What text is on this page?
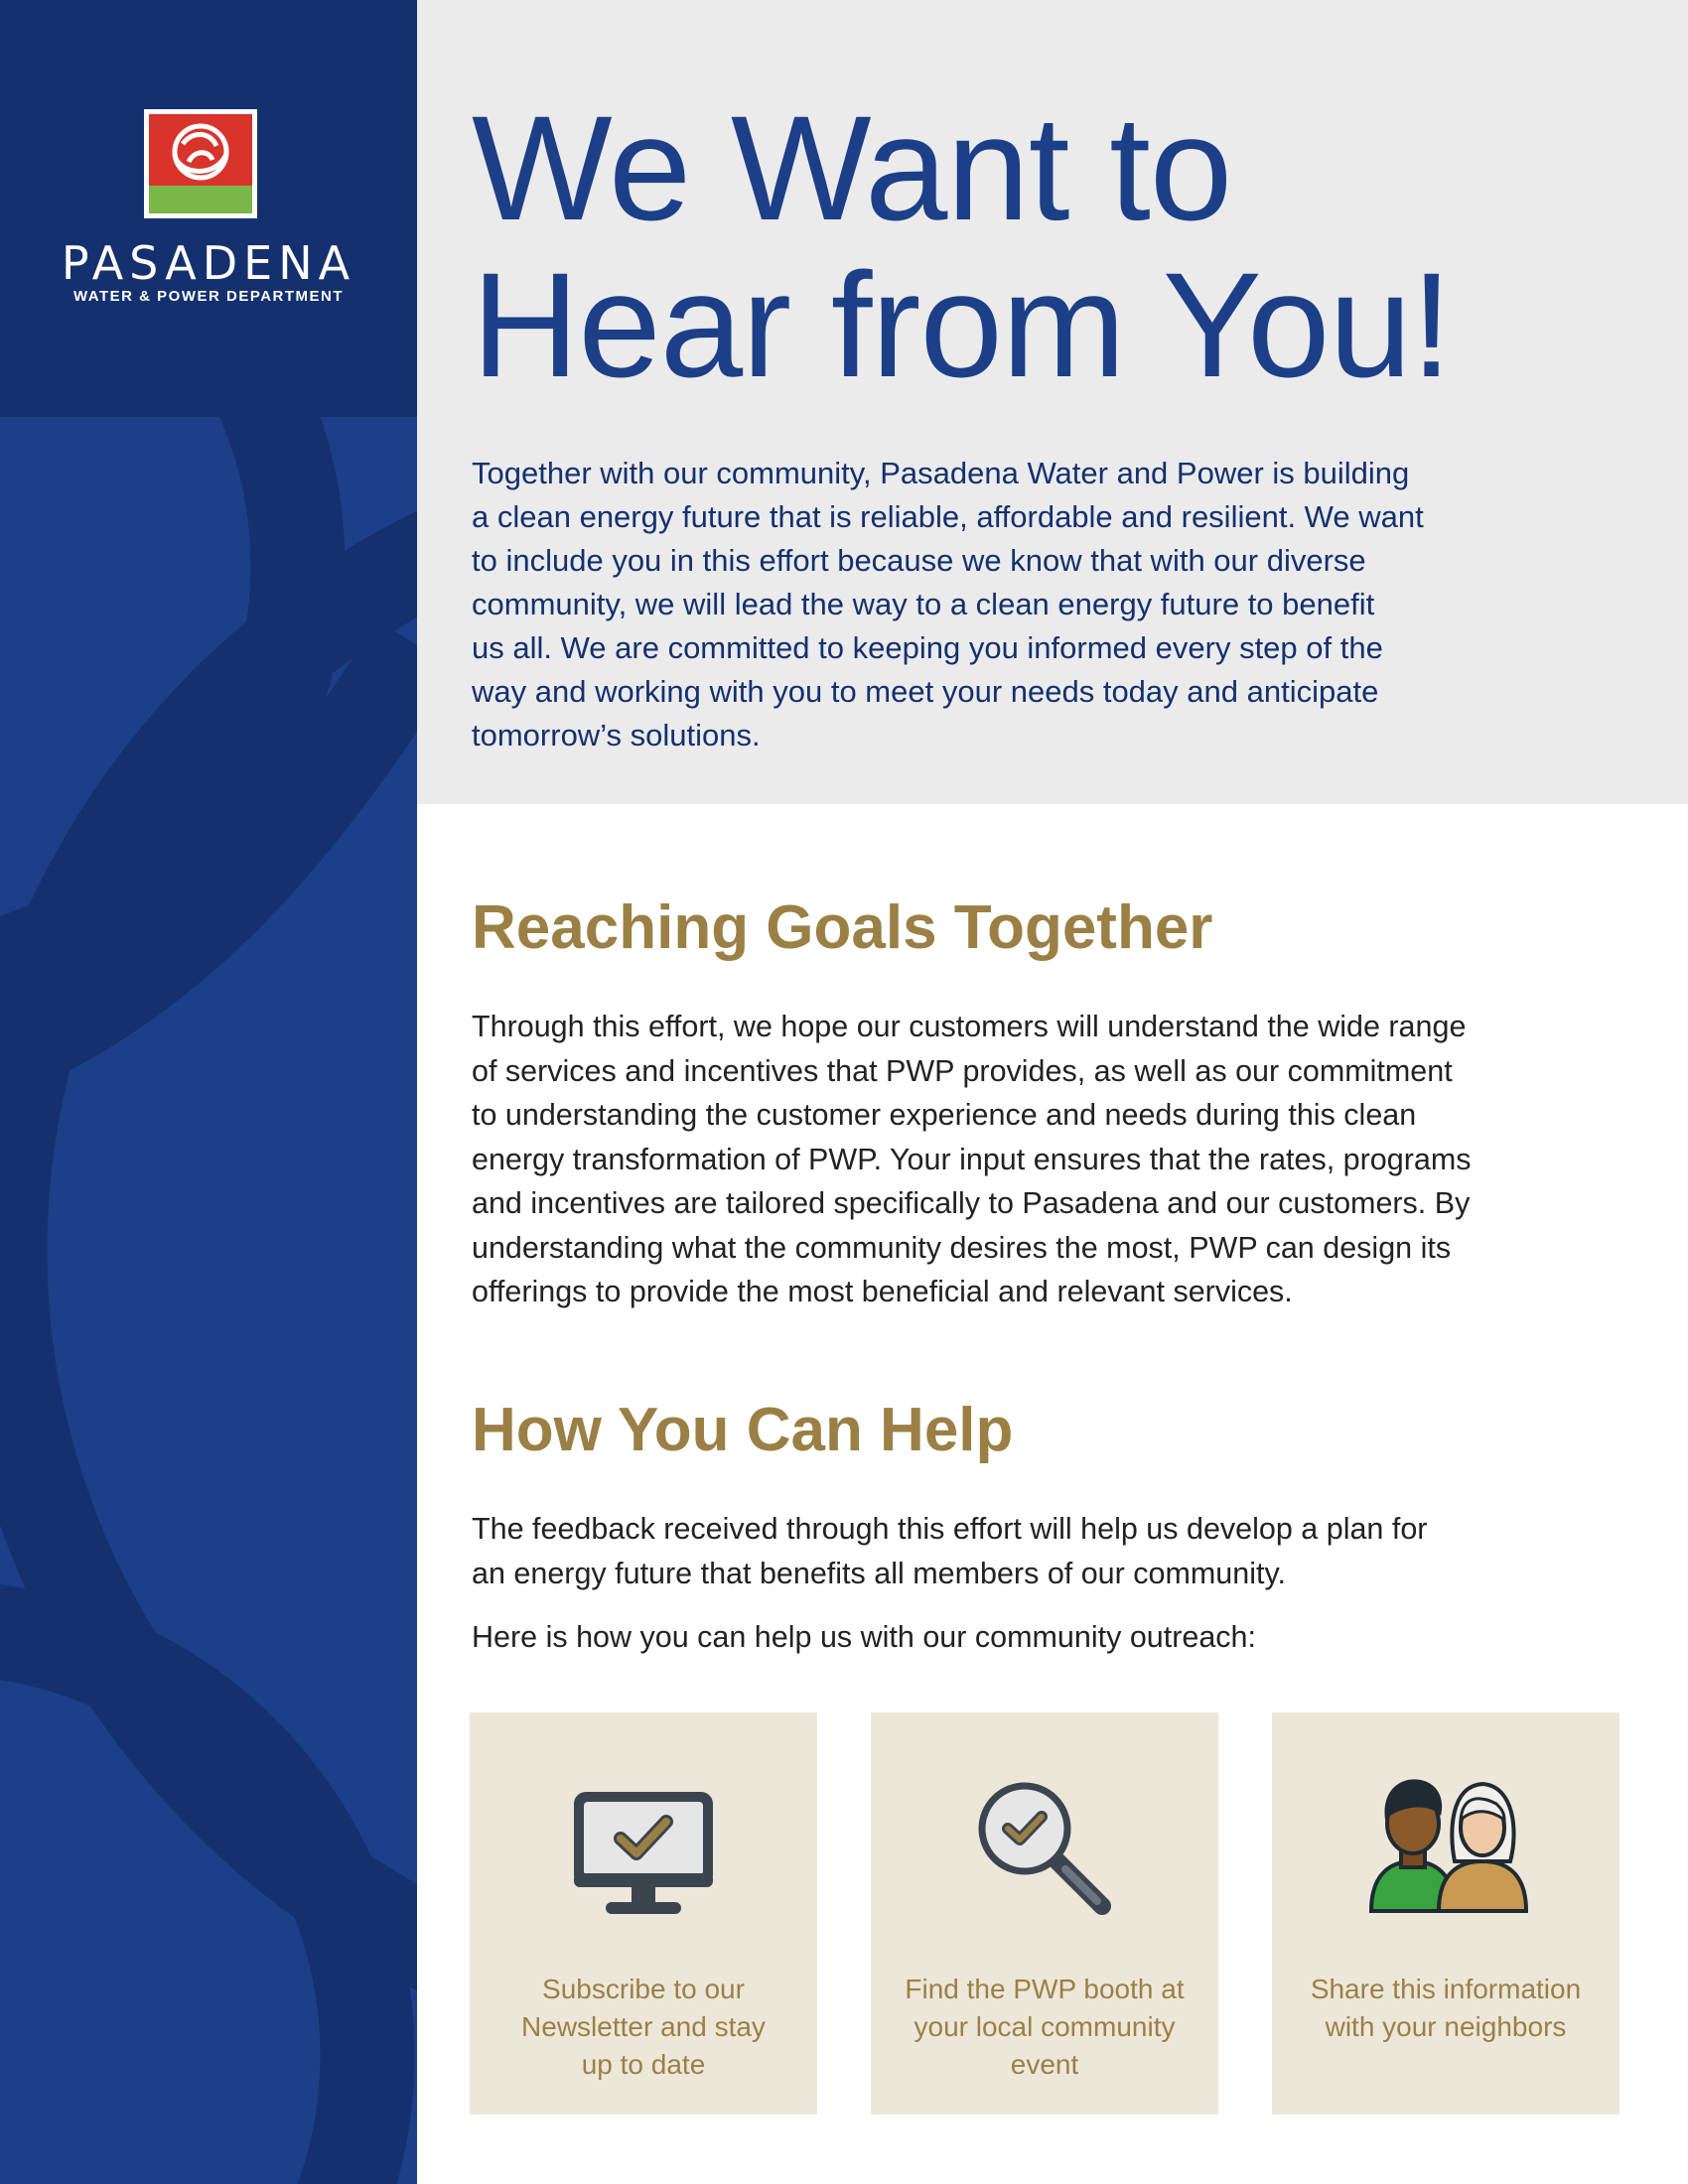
PASADENA
WATER & POWER DEPARTMENT
We Want to
Hear from You!

Together with our community, Pasadena Water and Power is building
a clean energy future that is reliable, affordable and resilient. We want
to include you in this effort because we know that with our diverse
community, we will lead the way to a clean energy future to benefit
us all. We are committed to keeping you informed every step of the
way and working with you to meet your needs today and anticipate
tomorrow’s solutions.

Reaching Goals Together

Through this effort, we hope our customers will understand the wide range
of services and incentives that PWP provides, as well as our commitment
to understanding the customer experience and needs during this clean
energy transformation of PWP. Your input ensures that the rates, programs
and incentives are tailored specifically to Pasadena and our customers. By
understanding what the community desires the most, PWP can design its
offerings to provide the most beneficial and relevant services.

How You Can Help

The feedback received through this effort will help us develop a plan for
an energy future that benefits all members of our community.

Here is how you can help us with our community outreach:

Subscribe to our
Newsletter and stay
up to date

Find the PWP booth at
your local community
event

Share this information
with your neighbors
